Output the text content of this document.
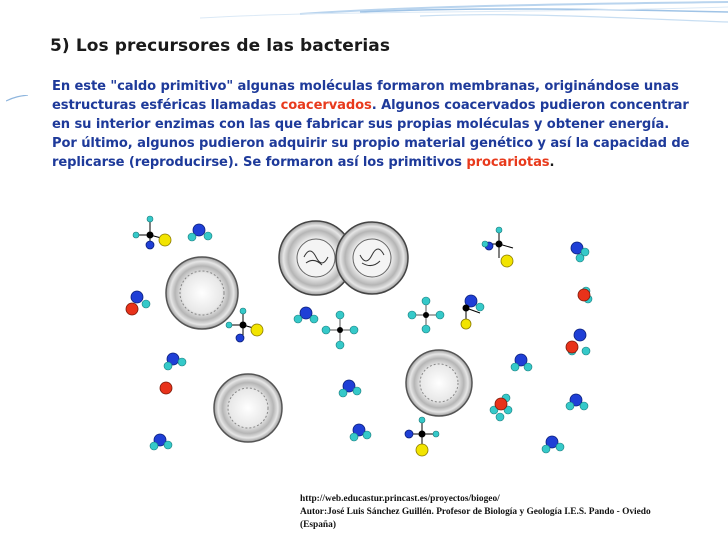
5) Los precursores de las bacterias

En este "caldo primitivo" algunas moléculas formaron membranas, originándose unas estructuras esféricas llamadas coacervados. Algunos coacervados pudieron concentrar en su interior enzimas con las que fabricar sus propias moléculas y obtener energía. Por último, algunos pudieron adquirir su propio material genético y así la capacidad de replicarse (reproducirse). Se formaron así los primitivos procariotas.

http://web.educastur.princast.es/proyectos/biogeo/
Autor:José Luis Sánchez Guillén. Profesor de Biología y Geología I.E.S. Pando - Oviedo
(España)
